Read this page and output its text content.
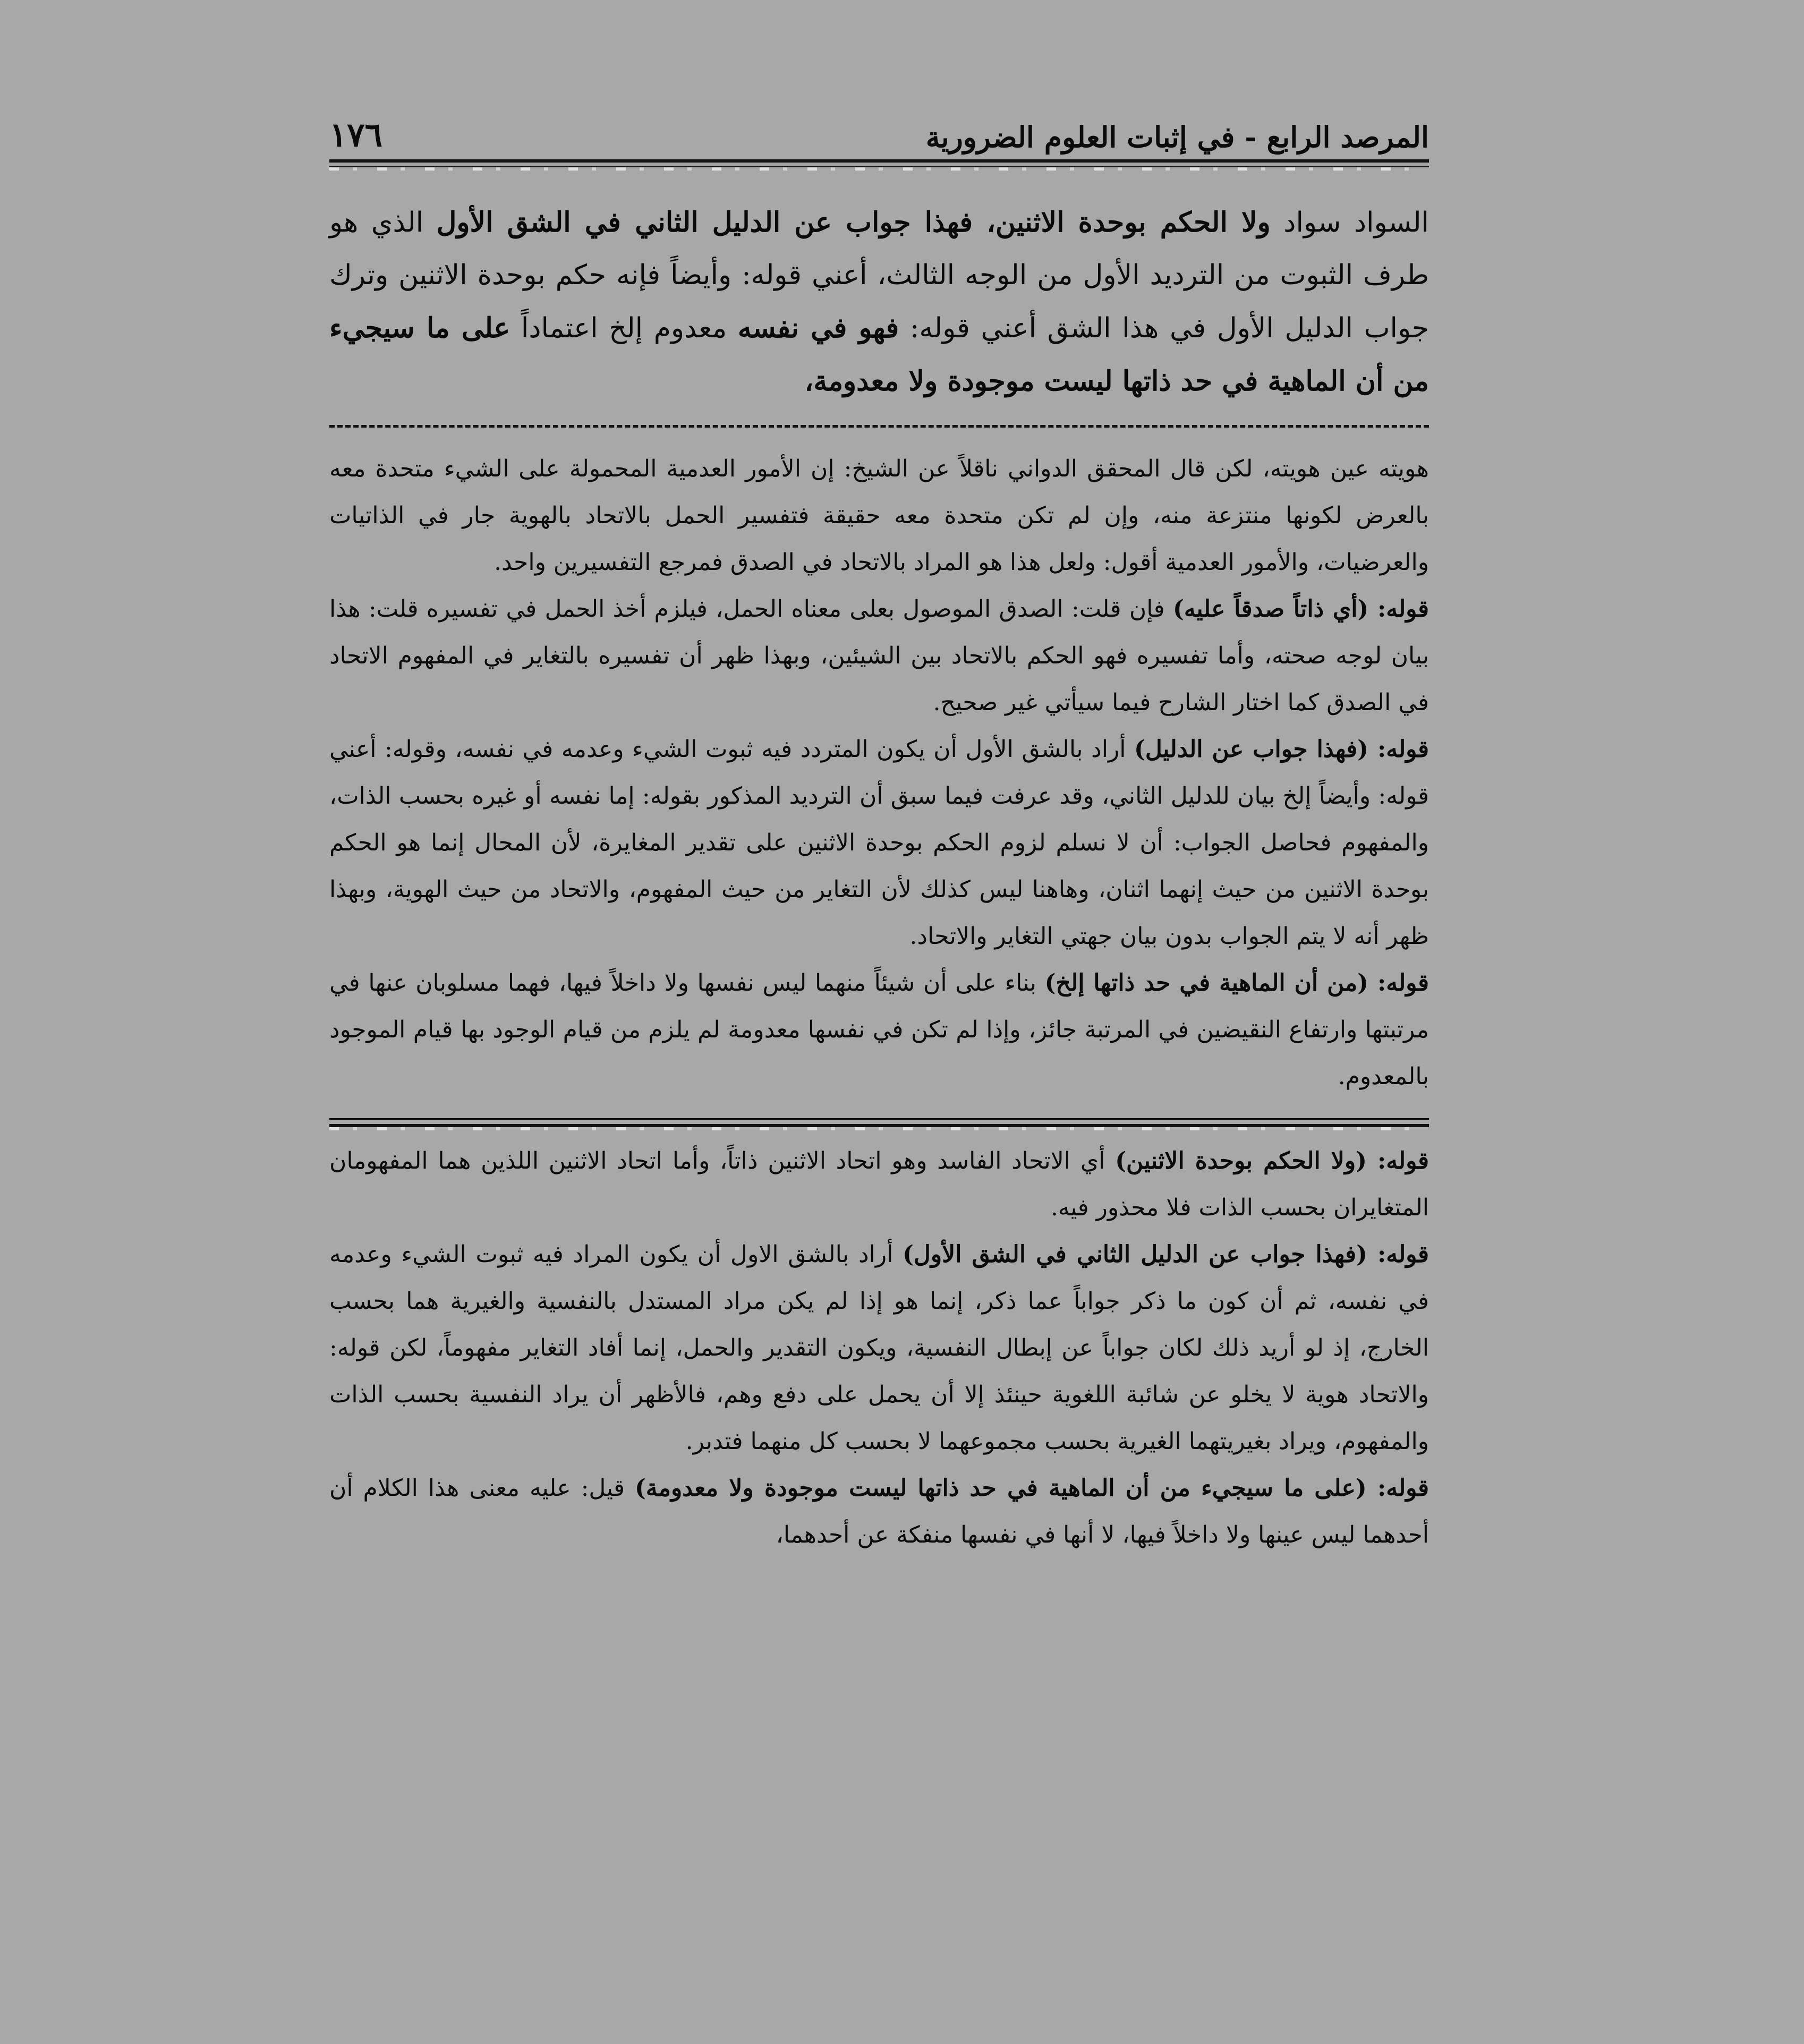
المرصد الرابع - في إثبات العلوم الضرورية
١٧٦
السواد سواد ولا الحكم بوحدة الاثنين، فهذا جواب عن الدليل الثاني في الشق الأول الذي هو طرف الثبوت من الترديد الأول من الوجه الثالث، أعني قوله: وأيضاً فإنه حكم بوحدة الاثنين وترك جواب الدليل الأول في هذا الشق أعني قوله: فهو في نفسه معدوم إلخ اعتماداً على ما سيجيء من أن الماهية في حد ذاتها ليست موجودة ولا معدومة،

هويته عين هويته، لكن قال المحقق الدواني ناقلاً عن الشيخ: إن الأمور العدمية المحمولة على الشيء متحدة معه بالعرض لكونها منتزعة منه، وإن لم تكن متحدة معه حقيقة فتفسير الحمل بالاتحاد بالهوية جار في الذاتيات والعرضيات، والأمور العدمية أقول: ولعل هذا هو المراد بالاتحاد في الصدق فمرجع التفسيرين واحد.

قوله: (أي ذاتاً صدقاً عليه) فإن قلت: الصدق الموصول بعلى معناه الحمل، فيلزم أخذ الحمل في تفسيره قلت: هذا بيان لوجه صحته، وأما تفسيره فهو الحكم بالاتحاد بين الشيئين، وبهذا ظهر أن تفسيره بالتغاير في المفهوم الاتحاد في الصدق كما اختار الشارح فيما سيأتي غير صحيح.

قوله: (فهذا جواب عن الدليل) أراد بالشق الأول أن يكون المتردد فيه ثبوت الشيء وعدمه في نفسه، وقوله: أعني قوله: وأيضاً إلخ بيان للدليل الثاني، وقد عرفت فيما سبق أن الترديد المذكور بقوله: إما نفسه أو غيره بحسب الذات، والمفهوم فحاصل الجواب: أن لا نسلم لزوم الحكم بوحدة الاثنين على تقدير المغايرة، لأن المحال إنما هو الحكم بوحدة الاثنين من حيث إنهما اثنان، وهاهنا ليس كذلك لأن التغاير من حيث المفهوم، والاتحاد من حيث الهوية، وبهذا ظهر أنه لا يتم الجواب بدون بيان جهتي التغاير والاتحاد.

قوله: (من أن الماهية في حد ذاتها إلخ) بناء على أن شيئاً منهما ليس نفسها ولا داخلاً فيها، فهما مسلوبان عنها في مرتبتها وارتفاع النقيضين في المرتبة جائز، وإذا لم تكن في نفسها معدومة لم يلزم من قيام الوجود بها قيام الموجود بالمعدوم.

قوله: (ولا الحكم بوحدة الاثنين) أي الاتحاد الفاسد وهو اتحاد الاثنين ذاتاً، وأما اتحاد الاثنين اللذين هما المفهومان المتغايران بحسب الذات فلا محذور فيه.

قوله: (فهذا جواب عن الدليل الثاني في الشق الأول) أراد بالشق الاول أن يكون المراد فيه ثبوت الشيء وعدمه في نفسه، ثم أن كون ما ذكر جواباً عما ذكر، إنما هو إذا لم يكن مراد المستدل بالنفسية والغيرية هما بحسب الخارج، إذ لو أريد ذلك لكان جواباً عن إبطال النفسية، ويكون التقدير والحمل، إنما أفاد التغاير مفهوماً، لكن قوله: والاتحاد هوية لا يخلو عن شائبة اللغوية حينئذ إلا أن يحمل على دفع وهم، فالأظهر أن يراد النفسية بحسب الذات والمفهوم، ويراد بغيريتهما الغيرية بحسب مجموعهما لا بحسب كل منهما فتدبر.

قوله: (على ما سيجيء من أن الماهية في حد ذاتها ليست موجودة ولا معدومة) قيل: عليه معنى هذا الكلام أن أحدهما ليس عينها ولا داخلاً فيها، لا أنها في نفسها منفكة عن أحدهما،
